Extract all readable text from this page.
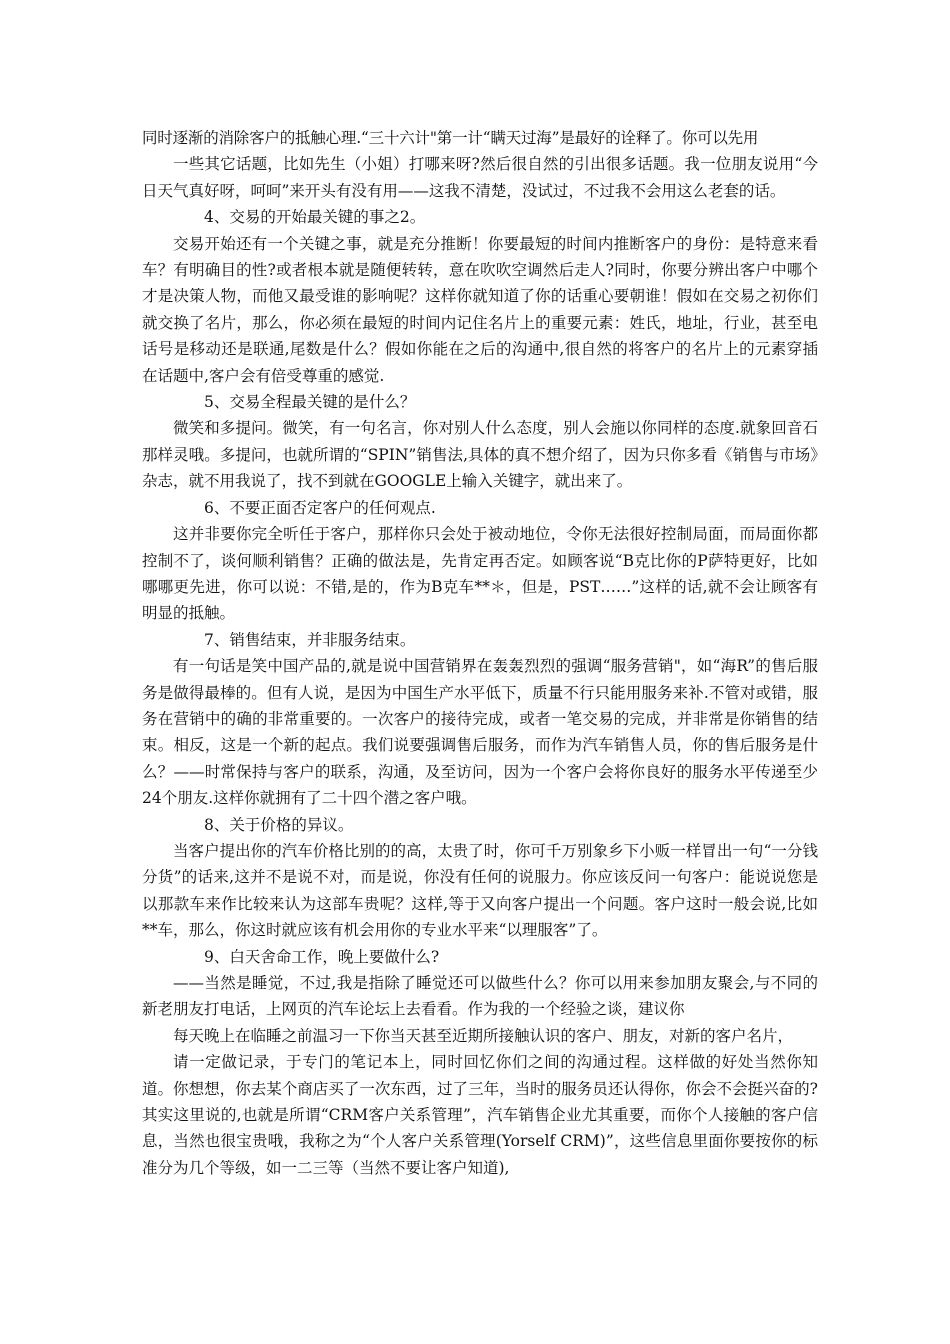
同时逐渐的消除客户的抵触心理.“三十六计"第一计“瞒天过海”是最好的诠释了。你可以先用

一些其它话题，比如先生（小姐）打哪来呀?然后很自然的引出很多话题。我一位朋友说用“今日天气真好呀，呵呵”来开头有没有用——这我不清楚，没试过，不过我不会用这么老套的话。

4、交易的开始最关键的事之2。

交易开始还有一个关键之事，就是充分推断！你要最短的时间内推断客户的身份：是特意来看车？有明确目的性?或者根本就是随便转转，意在吹吹空调然后走人?同时，你要分辨出客户中哪个才是决策人物，而他又最受谁的影响呢？这样你就知道了你的话重心要朝谁！假如在交易之初你们就交换了名片，那么，你必须在最短的时间内记住名片上的重要元素：姓氏，地址，行业，甚至电话号是移动还是联通,尾数是什么？假如你能在之后的沟通中,很自然的将客户的名片上的元素穿插在话题中,客户会有倍受尊重的感觉.

5、交易全程最关键的是什么？

微笑和多提问。微笑，有一句名言，你对别人什么态度，别人会施以你同样的态度.就象回音石那样灵哦。多提问，也就所谓的“SPIN”销售法,具体的真不想介绍了，因为只你多看《销售与市场》杂志，就不用我说了，找不到就在GOOGLE上输入关键字，就出来了。

6、不要正面否定客户的任何观点.

这并非要你完全听任于客户，那样你只会处于被动地位，令你无法很好控制局面，而局面你都控制不了，谈何顺利销售？正确的做法是，先肯定再否定。如顾客说“B克比你的P萨特更好，比如哪哪更先进，你可以说：不错,是的，作为B克车**＊，但是，PST……”这样的话,就不会让顾客有明显的抵触。

7、销售结束，并非服务结束。

有一句话是笑中国产品的,就是说中国营销界在轰轰烈烈的强调“服务营销"，如“海R”的售后服务是做得最棒的。但有人说，是因为中国生产水平低下，质量不行只能用服务来补.不管对或错，服务在营销中的确的非常重要的。一次客户的接待完成，或者一笔交易的完成，并非常是你销售的结束。相反，这是一个新的起点。我们说要强调售后服务，而作为汽车销售人员，你的售后服务是什么？——时常保持与客户的联系，沟通，及至访问，因为一个客户会将你良好的服务水平传递至少24个朋友.这样你就拥有了二十四个潜之客户哦。

8、关于价格的异议。

当客户提出你的汽车价格比别的的高，太贵了时，你可千万别象乡下小贩一样冒出一句“一分钱分货”的话来,这并不是说不对，而是说，你没有任何的说服力。你应该反问一句客户：能说说您是以那款车来作比较来认为这部车贵呢？这样,等于又向客户提出一个问题。客户这时一般会说,比如**车，那么，你这时就应该有机会用你的专业水平来“以理服客”了。

9、白天舍命工作，晚上要做什么?

——当然是睡觉，不过,我是指除了睡觉还可以做些什么？你可以用来参加朋友聚会,与不同的新老朋友打电话，上网页的汽车论坛上去看看。作为我的一个经验之谈，建议你

每天晚上在临睡之前温习一下你当天甚至近期所接触认识的客户、朋友，对新的客户名片，

请一定做记录，于专门的笔记本上，同时回忆你们之间的沟通过程。这样做的好处当然你知道。你想想，你去某个商店买了一次东西，过了三年，当时的服务员还认得你，你会不会挺兴奋的?其实这里说的,也就是所谓“CRM客户关系管理”，汽车销售企业尤其重要，而你个人接触的客户信息，当然也很宝贵哦，我称之为“个人客户关系管理(Yorself CRM)”，这些信息里面你要按你的标准分为几个等级，如一二三等（当然不要让客户知道),
